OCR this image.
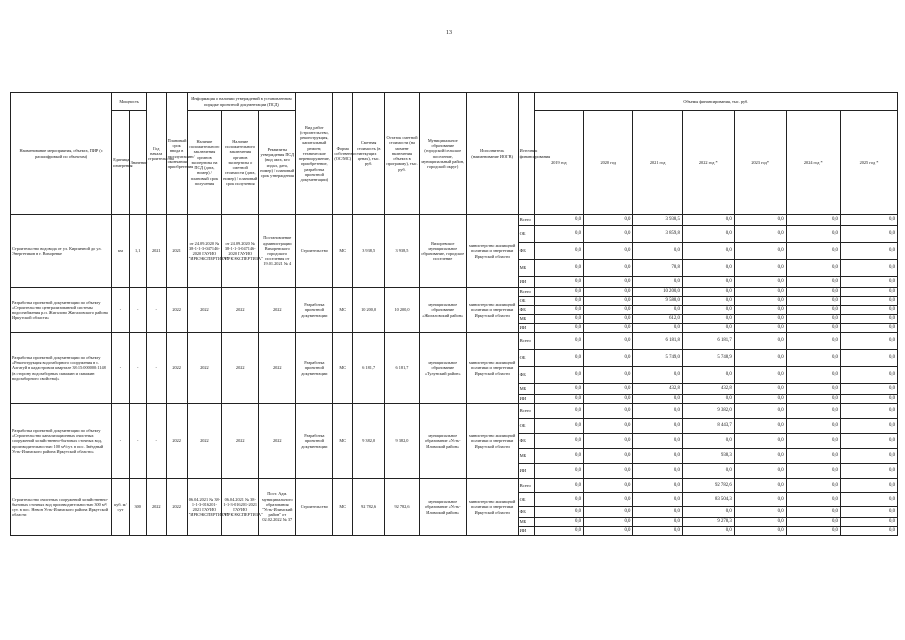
13
Наименование мероприятия, объекта, ПИР (с расшифровкой по объектам)	Мощность		Год начала строительства	Плановый срок ввода в эксплуатацию/окончания приобретения	Информация о наличии утверждений в установленном порядке проектной документации (ПСД)			Вид работ (строительство, реконструкция, капитальный ремонт, технические перевооружение, приобретение, разработка проектной документации)	Форма собственности (ОС/МС)	Сметная стоимость (в текущих ценах), тыс. руб.	Остаток сметной стоимости (на момент включения объекта в программу), тыс. руб.	Муниципальное образование (городской/сельское поселение, муниципальный район, городской округ)	Исполнитель (наименование ИОГВ)	Источник финансирования	Объемы финансирования, тыс. руб.						
	Единица измерения	Значение			Наличие положительного заключения органов экспертизы на ПСД (дата, номер) / плановый срок получения	Наличие положительного заключения органов экспертизы о сметной стоимости (дата, номер) / плановый срок получения	Реквизиты утверждения ПСД (вид акта, кто издал, дата, номер) / плановый срок утверждения								2019 год	2020 год	2021 год	2022 год *	2023 год*	2024 год *	2025 год *

Строительство водовода от ул. Кирпичной до ул. Энергетиков в г. Вихоревке	км	1,1	2021	2021	от 24.09.2020 № 38-1-1-3-047146-2020 ГАУИО "ИРКЭКСПЕРТИЗА"	от 24.09.2020 № 38-1-1-3-047146-2020 ГАУИО "ИРКЭКСПЕРТИЗА"	Постановление администрации Вихоревского городского поселения от 19.01.2021 № 4	Строительство	МС	3 938,5	3 938,5	Вихоревское муниципальное образование, городское поселение	министерство жилищной политики и энергетики Иркутской области	Всего	0,0	0,0	3 938,5	0,0	0,0	0,0	0,0
														ОБ	0,0	0,0	3 859,8	0,0	0,0	0,0	0,0
														ФБ	0,0	0,0	0,0	0,0	0,0	0,0	0,0
														МБ	0,0	0,0	78,8	0,0	0,0	0,0	0,0
														ИИ	0,0	0,0	0,0	0,0	0,0	0,0	0,0
Разработка проектной документации по объекту «Строительство централизованной системы водоснабжения р.п. Жигалово Жигаловского района Иркутской области»	-	-	-	2022	2022	2022	2022	Разработка проектной документации	МС	10 200,0	10 200,0	муниципальное образование «Жигаловский район»	министерство жилищной политики и энергетики Иркутской области	Всего	0,0	0,0	10 200,0	0,0	0,0	0,0	0,0
														ОБ	0,0	0,0	9 588,0	0,0	0,0	0,0	0,0
														ФБ	0,0	0,0	0,0	0,0	0,0	0,0	0,0
														МБ	0,0	0,0	612,0	0,0	0,0	0,0	0,0
														ИИ	0,0	0,0	0,0	0,0	0,0	0,0	0,0
Разработка проектной документации по объекту «Реконструкция водозаборного сооружения в с. Алгатуй в кадастровом квартале 38:15:000000:1148 (в сторону водозаборных скважин и скважин водозаборного свойства)»	-	-	-	2022	2022	2022	2022	Разработка проектной документации	МС	6 181,7	6 181,7	муниципальное образование «Тулунский район»	министерство жилищной политики и энергетики Иркутской области	Всего	0,0	0,0	6 181,8	6 181,7	0,0	0,0	0,0
														ОБ	0,0	0,0	5 749,0	5 748,9	0,0	0,0	0,0
														ФБ	0,0	0,0	0,0	0,0	0,0	0,0	0,0
														МБ	0,0	0,0	432,8	432,8	0,0	0,0	0,0
														ИИ	0,0	0,0	0,0	0,0	0,0	0,0	0,0
Разработка проектной документации по объекту «Строительство канализационных очистных сооружений хозяйственно-бытовых сточных вод, производительностью 100 м³/сут. в пос. Звёздный Усть-Илимского района Иркутской области»	-	-	-	2022	2022	2022	2022	Разработка проектной документации	МС	9 382,0	9 382,0	муниципальное образование «Усть-Илимский район»	министерство жилищной политики и энергетики Иркутской области	Всего	0,0	0,0	0,0	9 382,0	0,0	0,0	0,0
														ОБ	0,0	0,0	0,0	8 443,7	0,0	0,0	0,0
														ФБ	0,0	0,0	0,0	0,0	0,0	0,0	0,0
														МБ	0,0	0,0	0,0	938,3	0,0	0,0	0,0
														ИИ	0,0	0,0	0,0	0,0	0,0	0,0	0,0
Строительство очистных сооружений хозяйственно-бытовых сточных вод производительностью 300 м³/сут. в пос. Невон Усть-Илимского района Иркутской области	куб. м/сут	300	2022	2022	06.04.2021 № 38-1-1-3-016201-2021 ГАУИО "ИРКЭКСПЕРТИЗА"	06.04.2021 № 38-1-1-3-016201-2021 ГАУИО "ИРКЭКСПЕРТИЗА"	Пост. Адм. муниципального образования "Усть-Илимский район" от 02.02.2022 № 37	Строительство	МС	92 782,6	92 782,6	муниципальное образование «Усть-Илимский район»	министерство жилищной политики и энергетики Иркутской области	Всего	0,0	0,0	0,0	92 782,6	0,0	0,0	0,0
														ОБ	0,0	0,0	0,0	83 504,3	0,0	0,0	0,0
														ФБ	0,0	0,0	0,0	0,0	0,0	0,0	0,0
														МБ	0,0	0,0	0,0	9 278,3	0,0	0,0	0,0
														ИИ	0,0	0,0	0,0	0,0	0,0	0,0	0,0
